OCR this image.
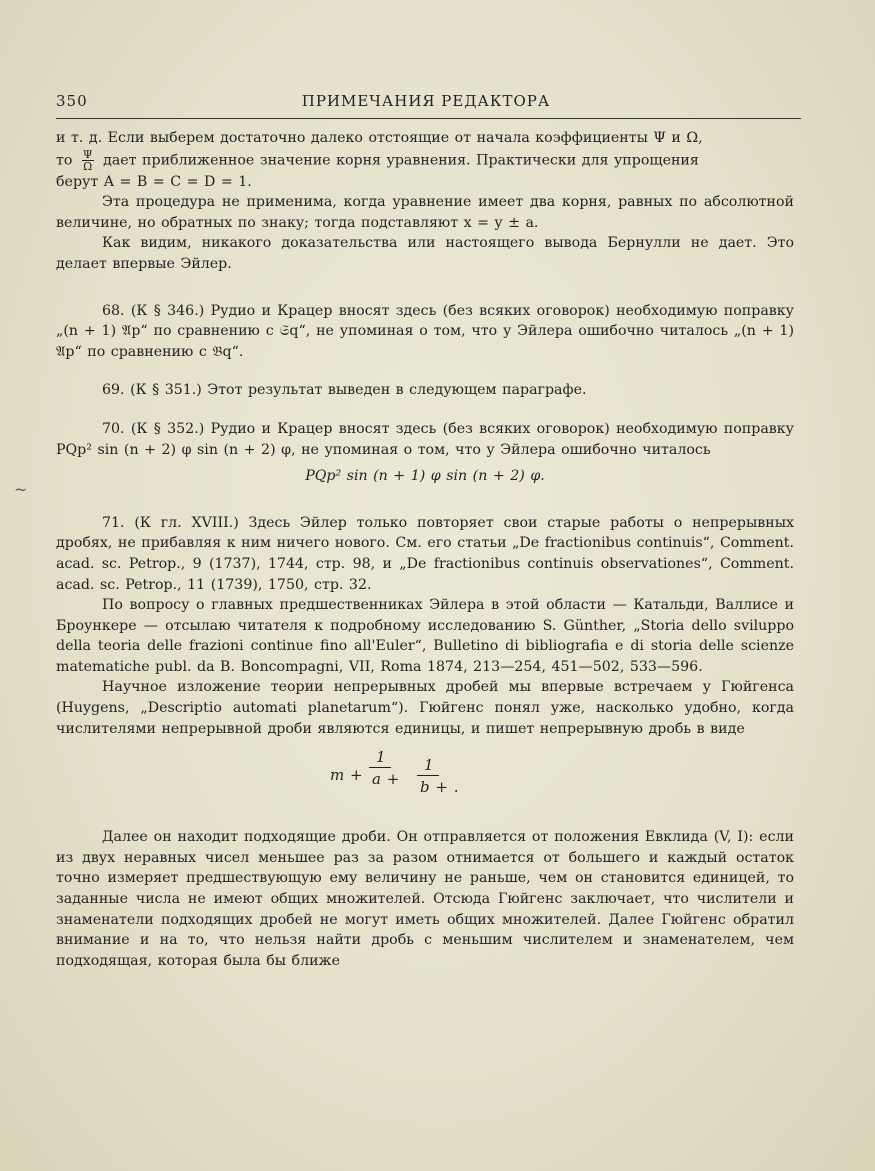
350	ПРИМЕЧАНИЯ РЕДАКТОРА
~

и т. д. Если выберем достаточно далеко отстоящие от начала коэффициенты Ψ и Ω,

то $\frac{\Psi}{\Omega}$ дает приближенное значение корня уравнения. Практически для упрощения

берут A = B = C = D = 1.

Эта процедура не применима, когда уравнение имеет два корня, равных по абсолютной величине, но обратных по знаку; тогда подставляют x = y ± a.

Как видим, никакого доказательства или настоящего вывода Бернулли не дает. Это делает впервые Эйлер.

68. (К § 346.) Рудио и Крацер вносят здесь (без всяких оговорок) необходимую поправку „(n + 1) 𝔄p“ по сравнению с 𝔖q“, не упоминая о том, что у Эйлера ошибочно читалось „(n + 1) 𝔄p“ по сравнению с 𝔅q“.

69. (К § 351.) Этот результат выведен в следующем параграфе.

70. (К § 352.) Рудио и Крацер вносят здесь (без всяких оговорок) необходимую поправку PQp² sin (n + 2) φ sin (n + 2) φ, не упоминая о том, что у Эйлера ошибочно читалось

PQp² sin (n + 1) φ sin (n + 2) φ.

71. (К гл. XVIII.) Здесь Эйлер только повторяет свои старые работы о непрерывных дробях, не прибавляя к ним ничего нового. См. его статьи „De fractionibus continuis“, Comment. acad. sc. Petrop., 9 (1737), 1744, стр. 98, и „De fractionibus continuis observationes“, Comment. acad. sc. Petrop., 11 (1739), 1750, стр. 32.

По вопросу о главных предшественниках Эйлера в этой области — Катальди, Валлисе и Броункере — отсылаю читателя к подробному исследованию S. Günther, „Storia dello sviluppo della teoria delle frazioni continue fino all'Euler“, Bulletino di bibliografia e di storia delle scienze matematiche publ. da B. Boncompagni, VII, Roma 1874, 213—254, 451—502, 533—596.

Научное изложение теории непрерывных дробей мы впервые встречаем у Гюйгенса (Huygens, „Descriptio automati planetarum“). Гюйгенс понял уже, насколько удобно, когда числителями непрерывной дроби являются единицы, и пишет непрерывную дробь в виде

m +
1
a +
1
b + .

Далее он находит подходящие дроби. Он отправляется от положения Евклида (V, I): если из двух неравных чисел меньшее раз за разом отнимается от большего и каждый остаток точно измеряет предшествующую ему величину не раньше, чем он становится единицей, то заданные числа не имеют общих множителей. Отсюда Гюйгенс заключает, что числители и знаменатели подходящих дробей не могут иметь общих множителей. Далее Гюйгенс обратил внимание и на то, что нельзя найти дробь с меньшим числителем и знаменателем, чем подходящая, которая была бы ближе
